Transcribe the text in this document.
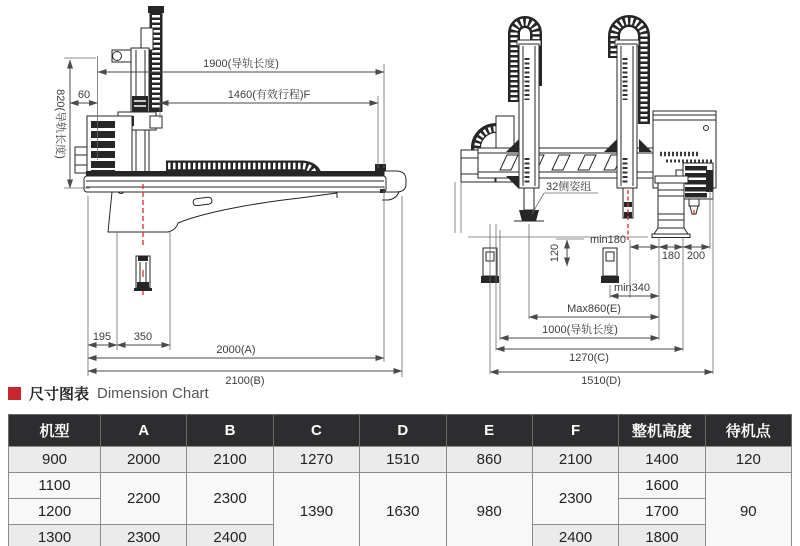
1900(导轨长度)
1460(有效行程)F
60
820(导轨长度)
195 350
2000(A)
2100(B)
32侧姿组
120
min180
180 200
min340
Max860(E)
1000(导轨长度)
1270(C)
1510(D)
尺寸图表 Dimension Chart
机型	A	B	C	D	E	F	整机高度	待机点
900	2000	2100	1270	1510	860	2100	1400	120
1100	2200	2300	1390	1630	980	2300	1600	90
1200							1700	
1300	2300	2400				2400	1800	
